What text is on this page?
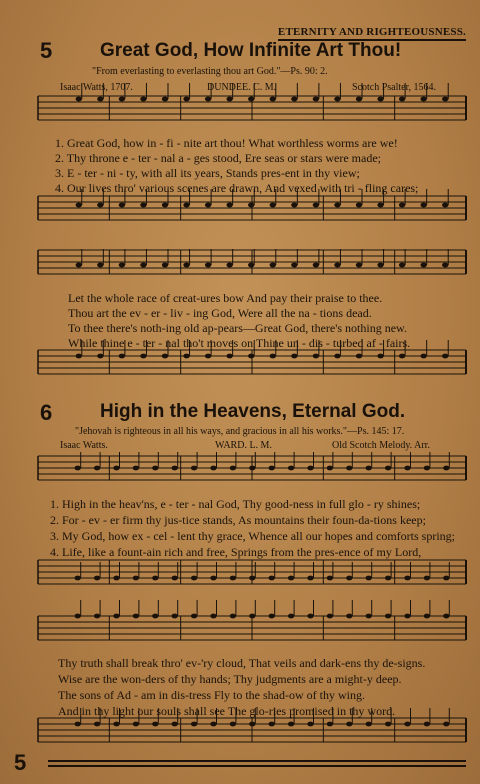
ETERNITY AND RIGHTEOUSNESS.
5	Great God, How Infinite Art Thou!
"From everlasting to everlasting thou art God."—Ps. 90: 2.
Isaac Watts, 1707.	DUNDEE. C. M.	Scotch Psalter, 1564.
1. Great God, how in - fi - nite art thou! What worthless worms are we!
2. Thy throne e - ter - nal a - ges stood, Ere seas or stars were made;
3. E - ter - ni - ty, with all its years, Stands pres-ent in thy view;
4. Our lives thro' various scenes are drawn, And vexed with tri - fling cares;
Let the whole race of creat-ures bow And pay their praise to thee.
Thou art the ev - er - liv - ing God, Were all the na - tions dead.
To thee there's noth-ing old ap-pears—Great God, there's nothing new.
While thine e - ter - nal tho't moves on Thine un - dis - turbed af - fairs.
6	High in the Heavens, Eternal God.
"Jehovah is righteous in all his ways, and gracious in all his works."—Ps. 145: 17.
Isaac Watts.	WARD. L. M.	Old Scotch Melody. Arr.
1. High in the heav'ns, e - ter - nal God, Thy good-ness in full glo - ry shines;
2. For - ev - er firm thy jus-tice stands, As mountains their foun-da-tions keep;
3. My God, how ex - cel - lent thy grace, Whence all our hopes and comforts spring;
4. Life, like a fount-ain rich and free, Springs from the pres-ence of my Lord,
Thy truth shall break thro' ev-'ry cloud, That veils and dark-ens thy de-signs.
Wise are the won-ders of thy hands; Thy judgments are a might-y deep.
The sons of Ad - am in dis-tress Fly to the shad-ow of thy wing.
And in thy light our souls shall see The glo-ries promised in thy word.
5
